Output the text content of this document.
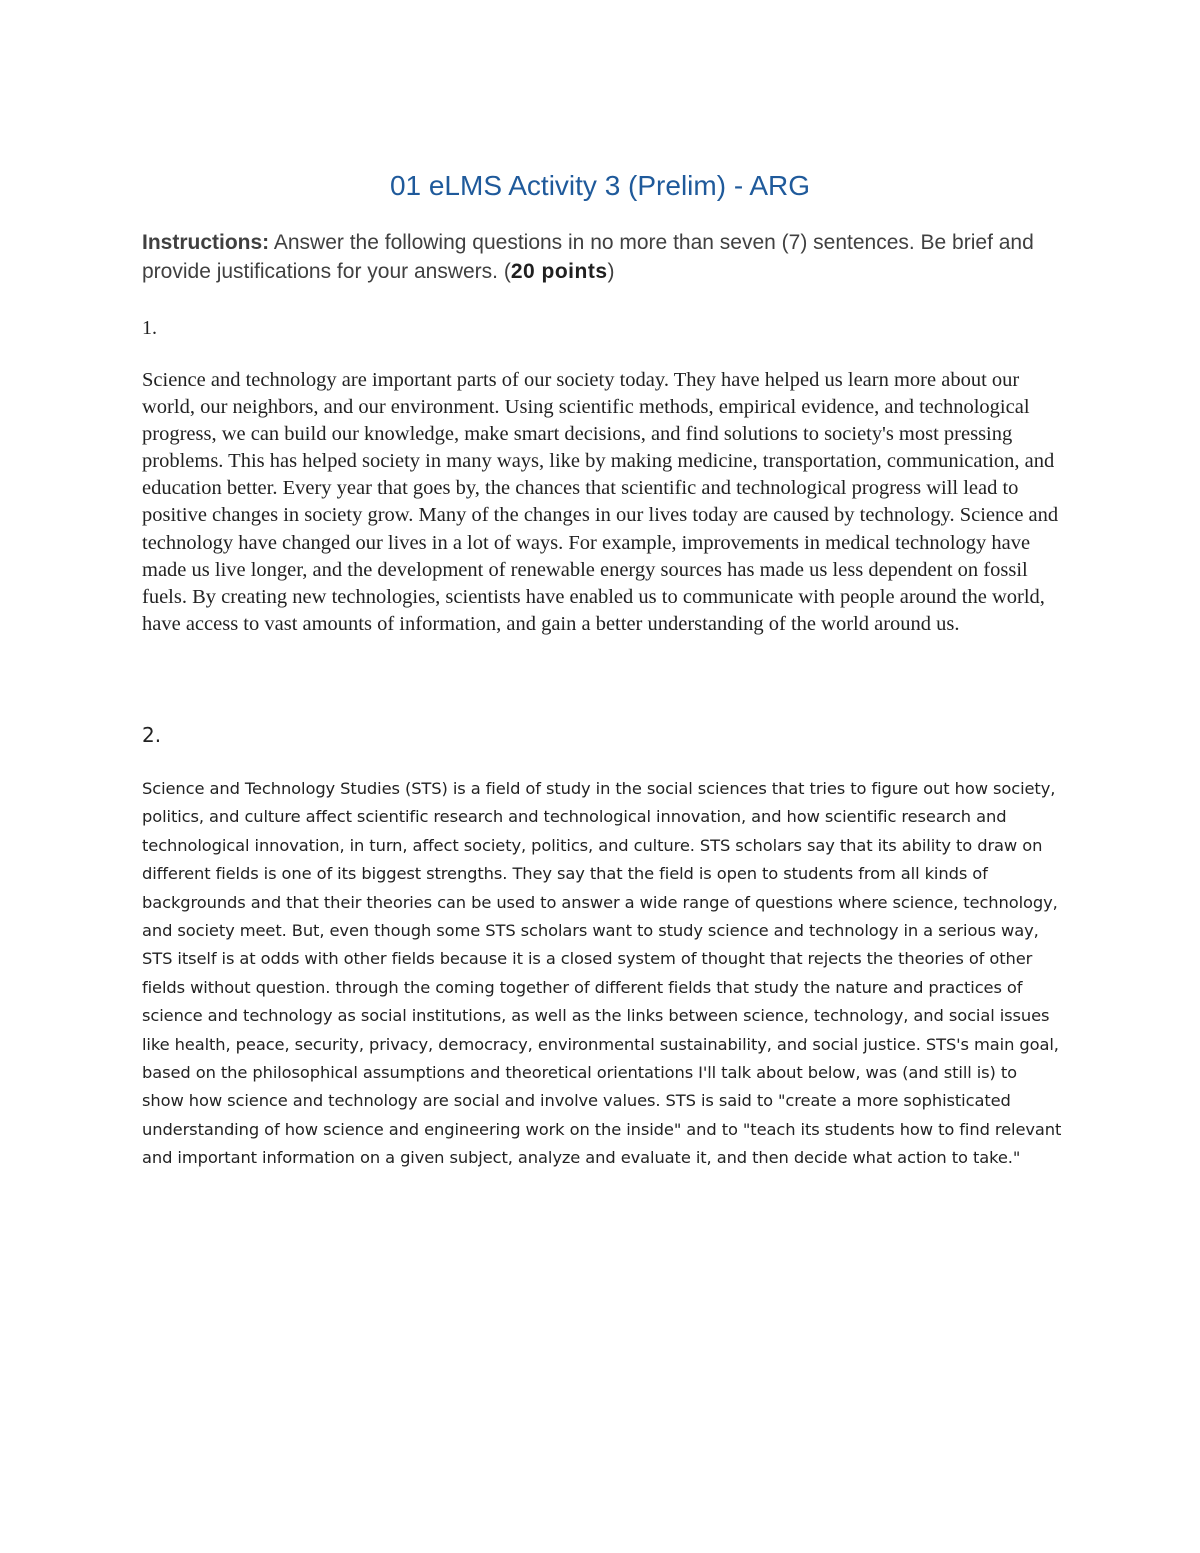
01 eLMS Activity 3 (Prelim) - ARG

Instructions: Answer the following questions in no more than seven (7) sentences. Be brief and provide justifications for your answers. (20 points)

1.

Science and technology are important parts of our society today. They have helped us learn more about our world, our neighbors, and our environment. Using scientific methods, empirical evidence, and technological progress, we can build our knowledge, make smart decisions, and find solutions to society's most pressing problems. This has helped society in many ways, like by making medicine, transportation, communication, and education better. Every year that goes by, the chances that scientific and technological progress will lead to positive changes in society grow. Many of the changes in our lives today are caused by technology. Science and technology have changed our lives in a lot of ways. For example, improvements in medical technology have made us live longer, and the development of renewable energy sources has made us less dependent on fossil fuels. By creating new technologies, scientists have enabled us to communicate with people around the world, have access to vast amounts of information, and gain a better understanding of the world around us.

2.

Science and Technology Studies (STS) is a field of study in the social sciences that tries to figure out how society, politics, and culture affect scientific research and technological innovation, and how scientific research and technological innovation, in turn, affect society, politics, and culture. STS scholars say that its ability to draw on different fields is one of its biggest strengths. They say that the field is open to students from all kinds of backgrounds and that their theories can be used to answer a wide range of questions where science, technology, and society meet. But, even though some STS scholars want to study science and technology in a serious way, STS itself is at odds with other fields because it is a closed system of thought that rejects the theories of other fields without question. through the coming together of different fields that study the nature and practices of science and technology as social institutions, as well as the links between science, technology, and social issues like health, peace, security, privacy, democracy, environmental sustainability, and social justice. STS's main goal, based on the philosophical assumptions and theoretical orientations I'll talk about below, was (and still is) to show how science and technology are social and involve values. STS is said to "create a more sophisticated understanding of how science and engineering work on the inside" and to "teach its students how to find relevant and important information on a given subject, analyze and evaluate it, and then decide what action to take."
